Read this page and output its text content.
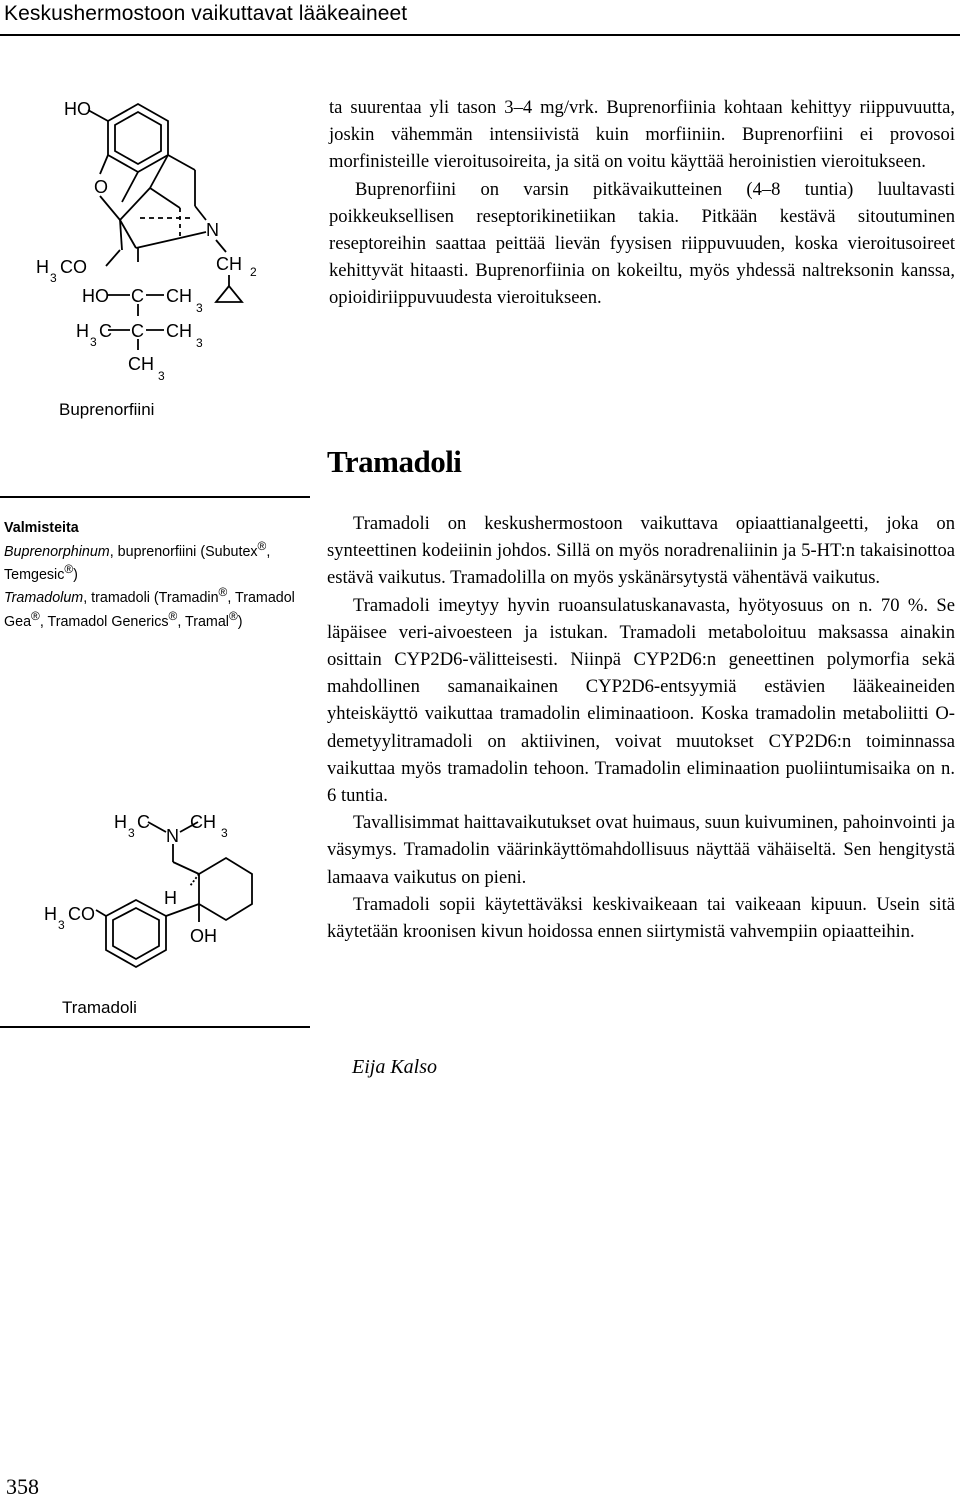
Keskushermostoon vaikuttavat lääkeaineet
HO
O
N
CH 2
H
3
CO
HO C CH
3
H
3
C C CH
3
CH
3
Buprenorfiini

ta suurentaa yli tason 3–4 mg/vrk. Buprenorfiinia kohtaan kehittyy riippuvuutta, joskin vähemmän intensiivistä kuin morfiiniin. Buprenorfiini ei provosoi morfinisteille vieroitusoireita, ja sitä on voitu käyttää heroinistien vieroitukseen.

Buprenorfiini on varsin pitkävaikutteinen (4–8 tuntia) luultavasti poikkeuksellisen reseptorikinetiikan takia. Pitkään kestävä sitoutuminen reseptoreihin saattaa peittää lievän fyysisen riippuvuuden, koska vieroitusoireet kehittyvät hitaasti. Buprenorfiinia on kokeiltu, myös yhdessä naltreksonin kanssa, opioidiriippuvuudesta vieroitukseen.

Tramadoli
Valmisteita
Buprenorphinum, buprenorfiini (Subutex®, Temgesic®)
Tramadolum, tramadoli (Tramadin®, Tramadol Gea®, Tramadol Generics®, Tramal®)
H
3
C
N
CH
3
H
H
3
CO
OH
Tramadoli

Tramadoli on keskushermostoon vaikuttava opiaattianalgeetti, joka on synteettinen kodeiinin johdos. Sillä on myös noradrenaliinin ja 5-HT:n takaisinottoa estävä vaikutus. Tramadolilla on myös yskänärsytystä vähentävä vaikutus.

Tramadoli imeytyy hyvin ruoansulatuskanavasta, hyötyosuus on n. 70 %. Se läpäisee veri-aivoesteen ja istukan. Tramadoli metaboloituu maksassa ainakin osittain CYP2D6-välitteisesti. Niinpä CYP2D6:n geneettinen polymorfia sekä mahdollinen samanaikainen CYP2D6-entsyymiä estävien lääkeaineiden yhteiskäyttö vaikuttaa tramadolin eliminaatioon. Koska tramadolin metaboliitti O-demetyylitramadoli on aktiivinen, voivat muutokset CYP2D6:n toiminnassa vaikuttaa myös tramadolin tehoon. Tramadolin eliminaation puoliintumisaika on n. 6 tuntia.

Tavallisimmat haittavaikutukset ovat huimaus, suun kuivuminen, pahoinvointi ja väsymys. Tramadolin väärinkäyttömahdollisuus näyttää vähäiseltä. Sen hengitystä lamaava vaikutus on pieni.

Tramadoli sopii käytettäväksi keskivaikeaan tai vaikeaan kipuun. Usein sitä käytetään kroonisen kivun hoidossa ennen siirtymistä vahvempiin opiaatteihin.

Eija Kalso
358
